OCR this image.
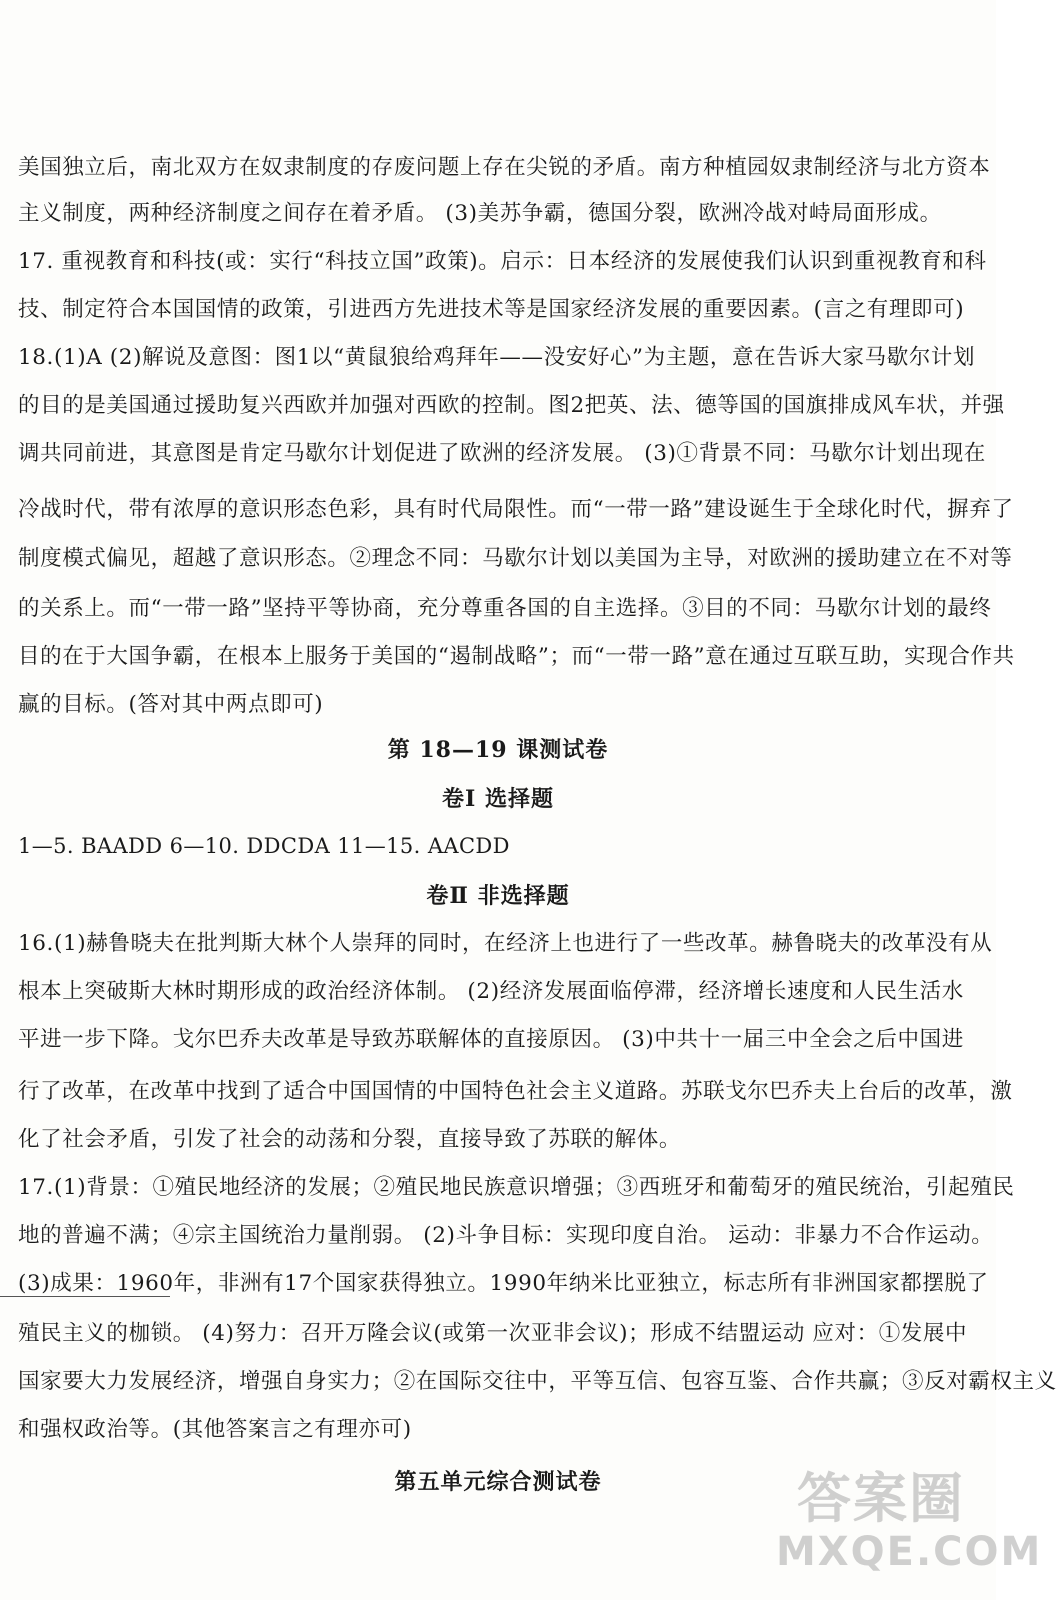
美国独立后，南北双方在奴隶制度的存废问题上存在尖锐的矛盾。南方种植园奴隶制经济与北方资本
主义制度，两种经济制度之间存在着矛盾。 (3)美苏争霸，德国分裂，欧洲冷战对峙局面形成。
17. 重视教育和科技(或：实行“科技立国”政策)。启示：日本经济的发展使我们认识到重视教育和科
技、制定符合本国国情的政策，引进西方先进技术等是国家经济发展的重要因素。(言之有理即可)
18.(1)A (2)解说及意图：图1以“黄鼠狼给鸡拜年——没安好心”为主题，意在告诉大家马歇尔计划
的目的是美国通过援助复兴西欧并加强对西欧的控制。图2把英、法、德等国的国旗排成风车状，并强
调共同前进，其意图是肯定马歇尔计划促进了欧洲的经济发展。 (3)①背景不同：马歇尔计划出现在
冷战时代，带有浓厚的意识形态色彩，具有时代局限性。而“一带一路”建设诞生于全球化时代，摒弃了
制度模式偏见，超越了意识形态。②理念不同：马歇尔计划以美国为主导，对欧洲的援助建立在不对等
的关系上。而“一带一路”坚持平等协商，充分尊重各国的自主选择。③目的不同：马歇尔计划的最终
目的在于大国争霸，在根本上服务于美国的“遏制战略”；而“一带一路”意在通过互联互助，实现合作共
赢的目标。(答对其中两点即可)
第 18—19 课测试卷
卷Ⅰ 选择题
1—5. BAADD 6—10. DDCDA 11—15. AACDD
卷Ⅱ 非选择题
16.(1)赫鲁晓夫在批判斯大林个人崇拜的同时，在经济上也进行了一些改革。赫鲁晓夫的改革没有从
根本上突破斯大林时期形成的政治经济体制。 (2)经济发展面临停滞，经济增长速度和人民生活水
平进一步下降。戈尔巴乔夫改革是导致苏联解体的直接原因。 (3)中共十一届三中全会之后中国进
行了改革，在改革中找到了适合中国国情的中国特色社会主义道路。苏联戈尔巴乔夫上台后的改革，激
化了社会矛盾，引发了社会的动荡和分裂，直接导致了苏联的解体。
17.(1)背景：①殖民地经济的发展；②殖民地民族意识增强；③西班牙和葡萄牙的殖民统治，引起殖民
地的普遍不满；④宗主国统治力量削弱。 (2)斗争目标：实现印度自治。 运动：非暴力不合作运动。
(3)成果：1960年，非洲有17个国家获得独立。1990年纳米比亚独立，标志所有非洲国家都摆脱了
殖民主义的枷锁。 (4)努力：召开万隆会议(或第一次亚非会议)；形成不结盟运动 应对：①发展中
国家要大力发展经济，增强自身实力；②在国际交往中，平等互信、包容互鉴、合作共赢；③反对霸权主义
和强权政治等。(其他答案言之有理亦可)
第五单元综合测试卷	答案圈
MXQE.COM
